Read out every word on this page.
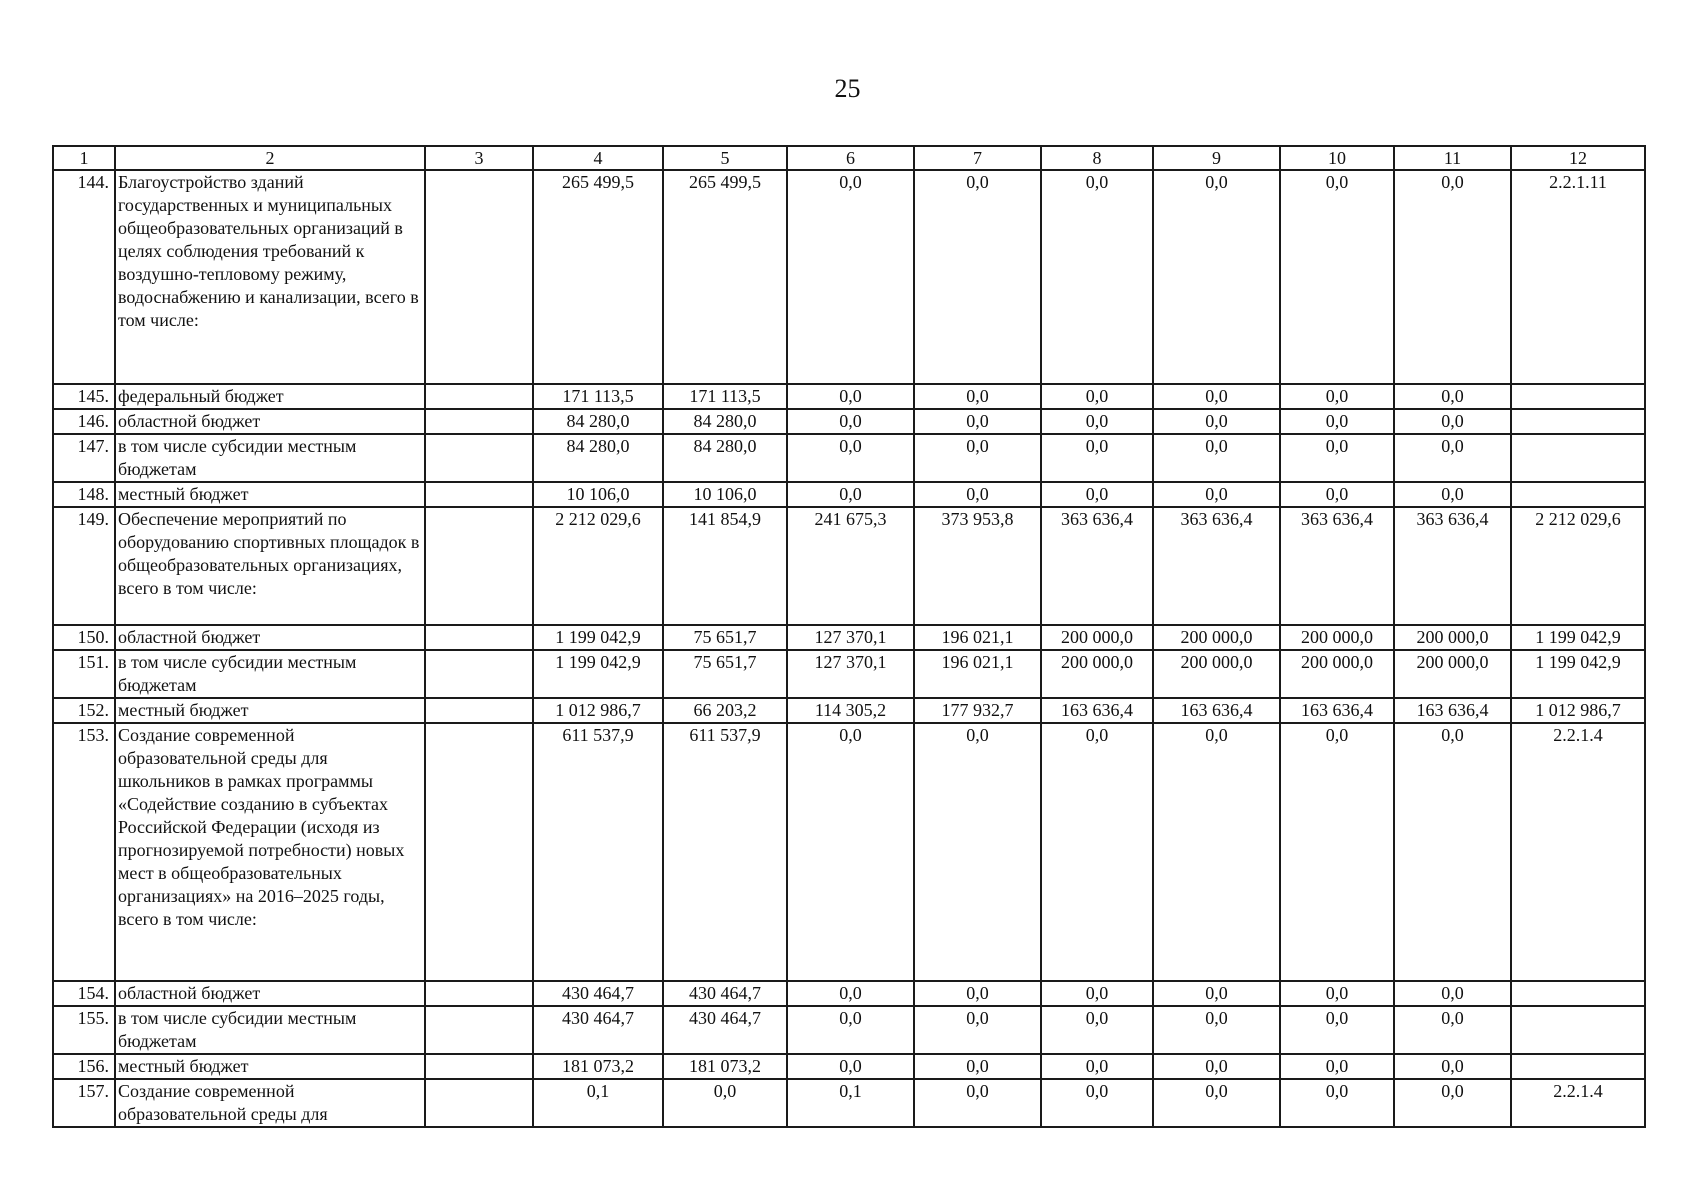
25
1	2	3	4	5	6	7	8	9	10	11	12
144.	Благоустройство зданий государственных и муниципальных общеобразовательных организаций в целях соблюдения требований к воздушно-тепловому режиму, водоснабжению и канализации, всего в том числе:		265 499,5	265 499,5	0,0	0,0	0,0	0,0	0,0	0,0	2.2.1.11
145.	федеральный бюджет		171 113,5	171 113,5	0,0	0,0	0,0	0,0	0,0	0,0	
146.	областной бюджет		84 280,0	84 280,0	0,0	0,0	0,0	0,0	0,0	0,0	
147.	в том числе субсидии местным бюджетам		84 280,0	84 280,0	0,0	0,0	0,0	0,0	0,0	0,0	
148.	местный бюджет		10 106,0	10 106,0	0,0	0,0	0,0	0,0	0,0	0,0	
149.	Обеспечение мероприятий по оборудованию спортивных площадок в общеобразовательных организациях, всего в том числе:		2 212 029,6	141 854,9	241 675,3	373 953,8	363 636,4	363 636,4	363 636,4	363 636,4	2 212 029,6
150.	областной бюджет		1 199 042,9	75 651,7	127 370,1	196 021,1	200 000,0	200 000,0	200 000,0	200 000,0	1 199 042,9
151.	в том числе субсидии местным бюджетам		1 199 042,9	75 651,7	127 370,1	196 021,1	200 000,0	200 000,0	200 000,0	200 000,0	1 199 042,9
152.	местный бюджет		1 012 986,7	66 203,2	114 305,2	177 932,7	163 636,4	163 636,4	163 636,4	163 636,4	1 012 986,7
153.	Создание современной образовательной среды для школьников в рамках программы «Содействие созданию в субъектах Российской Федерации (исходя из прогнозируемой потребности) новых мест в общеобразовательных организациях» на 2016–2025 годы, всего в том числе:		611 537,9	611 537,9	0,0	0,0	0,0	0,0	0,0	0,0	2.2.1.4
154.	областной бюджет		430 464,7	430 464,7	0,0	0,0	0,0	0,0	0,0	0,0	
155.	в том числе субсидии местным бюджетам		430 464,7	430 464,7	0,0	0,0	0,0	0,0	0,0	0,0	
156.	местный бюджет		181 073,2	181 073,2	0,0	0,0	0,0	0,0	0,0	0,0	
157.	Создание современной образовательной среды для		0,1	0,0	0,1	0,0	0,0	0,0	0,0	0,0	2.2.1.4
